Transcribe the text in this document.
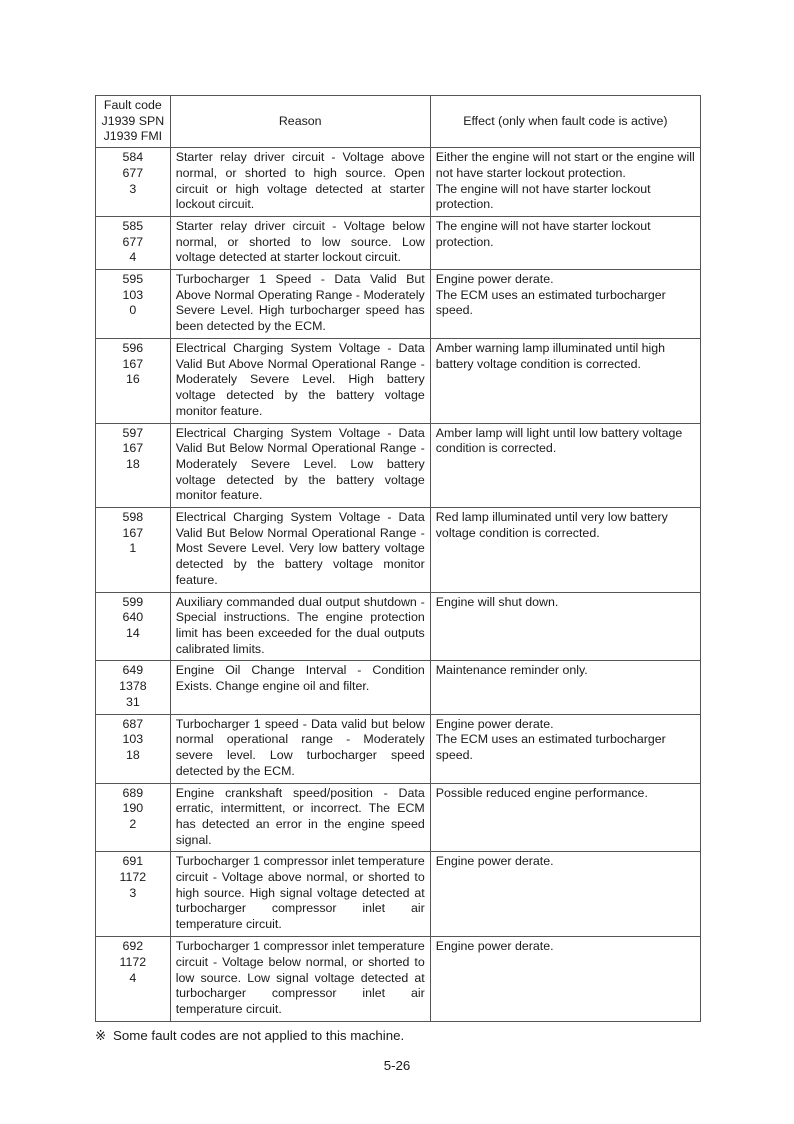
Fault code
J1939 SPN
J1939 FMI	Reason	Effect (only when fault code is active)

584
677
3	Starter relay driver circuit - Voltage above normal, or shorted to high source. Open circuit or high voltage detected at starter lockout circuit.	Either the engine will not start or the engine will not have starter lockout protection.
The engine will not have starter lockout protection.

585
677
4	Starter relay driver circuit - Voltage below normal, or shorted to low source. Low voltage detected at starter lockout circuit.	The engine will not have starter lockout protection.

595
103
0	Turbocharger 1 Speed - Data Valid But Above Normal Operating Range - Moderately Severe Level. High turbocharger speed has been detected by the ECM.	Engine power derate.
The ECM uses an estimated turbocharger speed.

596
167
16	Electrical Charging System Voltage - Data Valid But Above Normal Operational Range - Moderately Severe Level. High battery voltage detected by the battery voltage monitor feature.	Amber warning lamp illuminated until high battery voltage condition is corrected.

597
167
18	Electrical Charging System Voltage - Data Valid But Below Normal Operational Range - Moderately Severe Level. Low battery voltage detected by the battery voltage monitor feature.	Amber lamp will light until low battery voltage condition is corrected.

598
167
1	Electrical Charging System Voltage - Data Valid But Below Normal Operational Range - Most Severe Level. Very low battery voltage detected by the battery voltage monitor feature.	Red lamp illuminated until very low battery voltage condition is corrected.

599
640
14	Auxiliary commanded dual output shutdown - Special instructions. The engine protection limit has been exceeded for the dual outputs calibrated limits.	Engine will shut down.

649
1378
31	Engine Oil Change Interval - Condition Exists. Change engine oil and filter.	Maintenance reminder only.

687
103
18	Turbocharger 1 speed - Data valid but below normal operational range - Moderately severe level. Low turbocharger speed detected by the ECM.	Engine power derate.
The ECM uses an estimated turbocharger speed.

689
190
2	Engine crankshaft speed/position - Data erratic, intermittent, or incorrect. The ECM has detected an error in the engine speed signal.	Possible reduced engine performance.

691
1172
3	Turbocharger 1 compressor inlet temperature circuit - Voltage above normal, or shorted to high source. High signal voltage detected at turbocharger compressor inlet air temperature circuit.	Engine power derate.

692
1172
4	Turbocharger 1 compressor inlet temperature circuit - Voltage below normal, or shorted to low source. Low signal voltage detected at turbocharger compressor inlet air temperature circuit.	Engine power derate.
※ Some fault codes are not applied to this machine.
5-26
